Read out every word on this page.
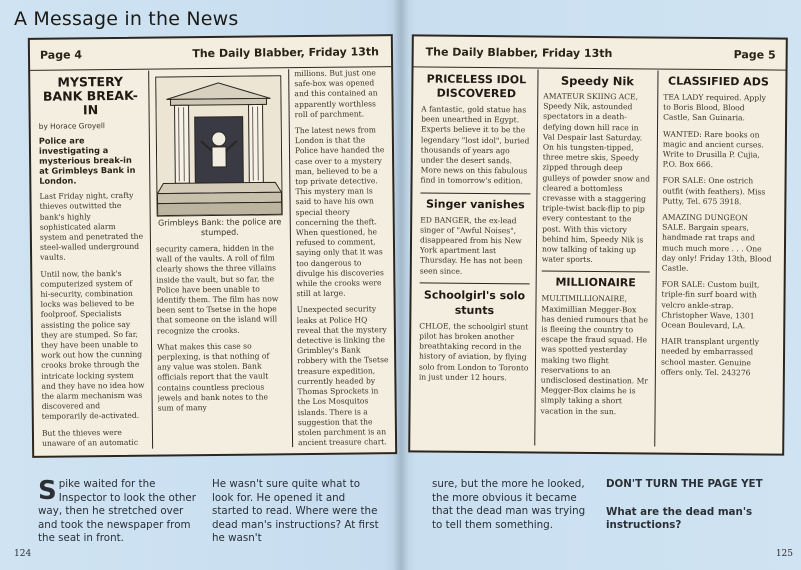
A Message in the News
Page 4	The Daily Blabber, Friday 13th
MYSTERY BANK BREAK-IN
by Horace Groyell

Police are investigating a mysterious break-in at Grimbleys Bank in London.

Last Friday night, crafty thieves outwitted the bank's highly sophisticated alarm system and penetrated the steel-walled underground vaults.

Until now, the bank's computerized system of hi-security, combination locks was believed to be foolproof. Specialists assisting the police say they are stumped. So far, they have been unable to work out how the cunning crooks broke through the intricate locking system and they have no idea how the alarm mechanism was discovered and temporarily de-activated.

But the thieves were unaware of an automatic

Grimbleys Bank: the police are stumped.

security camera, hidden in the wall of the vaults. A roll of film clearly shows the three villains inside the vault, but so far, the Police have been unable to identify them. The film has now been sent to Tsetse in the hope that someone on the island will recognize the crooks.

What makes this case so perplexing, is that nothing of any value was stolen. Bank officials report that the vault contains countless precious jewels and bank notes to the sum of many

millions. But just one safe-box was opened and this contained an apparently worthless roll of parchment.

The latest news from London is that the Police have handed the case over to a mystery man, believed to be a top private detective. This mystery man is said to have his own special theory concerning the theft. When questioned, he refused to comment, saying only that it was too dangerous to divulge his discoveries while the crooks were still at large.

Unexpected security leaks at Police HQ reveal that the mystery detective is linking the Grimbley's Bank robbery with the Tsetse treasure expedition, currently headed by Thomas Sprockets in the Los Mosquitos islands. There is a suggestion that the stolen parchment is an ancient treasure chart.

The Daily Blabber, Friday 13th	Page 5
PRICELESS IDOL DISCOVERED

A fantastic, gold statue has been unearthed in Egypt. Experts believe it to be the legendary "lost idol", buried thousands of years ago under the desert sands. More news on this fabulous find in tomorrow's edition.

Singer vanishes

ED BANGER, the ex-lead singer of "Awful Noises", disappeared from his New York apartment last Thursday. He has not been seen since.

Schoolgirl's solo stunts

CHLOE, the schoolgirl stunt pilot has broken another breathtaking record in the history of aviation, by flying solo from London to Toronto in just under 12 hours.

Speedy Nik

AMATEUR SKIING ACE, Speedy Nik, astounded spectators in a death-defying down hill race in Val Despair last Saturday. On his tungsten-tipped, three metre skis, Speedy zipped through deep gulleys of powder snow and cleared a bottomless crevasse with a staggering triple-twist back-flip to pip every contestant to the post. With this victory behind him, Speedy Nik is now talking of taking up water sports.

MILLIONAIRE

MULTIMILLIONAIRE, Maximillian Megger-Box has denied rumours that he is fleeing the country to escape the fraud squad. He was spotted yesterday making two flight reservations to an undisclosed destination. Mr Megger-Box claims he is simply taking a short vacation in the sun.

CLASSIFIED ADS

TEA LADY required. Apply to Boris Blood, Blood Castle, San Guinaria.

WANTED: Rare books on magic and ancient curses. Write to Drusilla P. Cujia, P.O. Box 666.

FOR SALE: One ostrich outfit (with feathers). Miss Putty, Tel. 675 3918.

AMAZING DUNGEON SALE. Bargain spears, handmade rat traps and much much more . . . One day only! Friday 13th, Blood Castle.

FOR SALE: Custom built, triple-fin surf board with velcro ankle-strap. Christopher Wave, 1301 Ocean Boulevard, LA.

HAIR transplant urgently needed by embarrassed school master. Genuine offers only. Tel. 243276

Spike waited for the Inspector to look the other way, then he stretched over and took the newspaper from the seat in front.
He wasn't sure quite what to look for. He opened it and started to read. Where were the dead man's instructions? At first he wasn't
sure, but the more he looked, the more obvious it became that the dead man was trying to tell them something.
DON'T TURN THE PAGE YET
What are the dead man's instructions?
124	125
